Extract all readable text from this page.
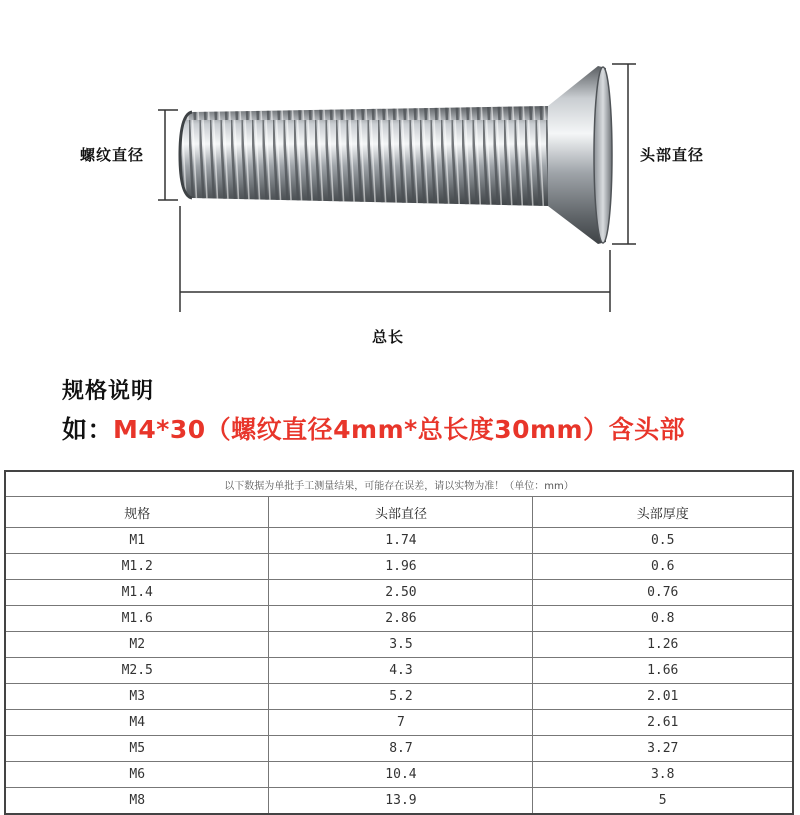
螺纹直径	头部直径
总长
规格说明
如：M4*30（螺纹直径4mm*总长度30mm）含头部
以下数据为单批手工测量结果，可能存在误差，请以实物为准！（单位：mm）		
规格	头部直径	头部厚度
M1	1.74	0.5
M1.2	1.96	0.6
M1.4	2.50	0.76
M1.6	2.86	0.8
M2	3.5	1.26
M2.5	4.3	1.66
M3	5.2	2.01
M4	7	2.61
M5	8.7	3.27
M6	10.4	3.8
M8	13.9	5
